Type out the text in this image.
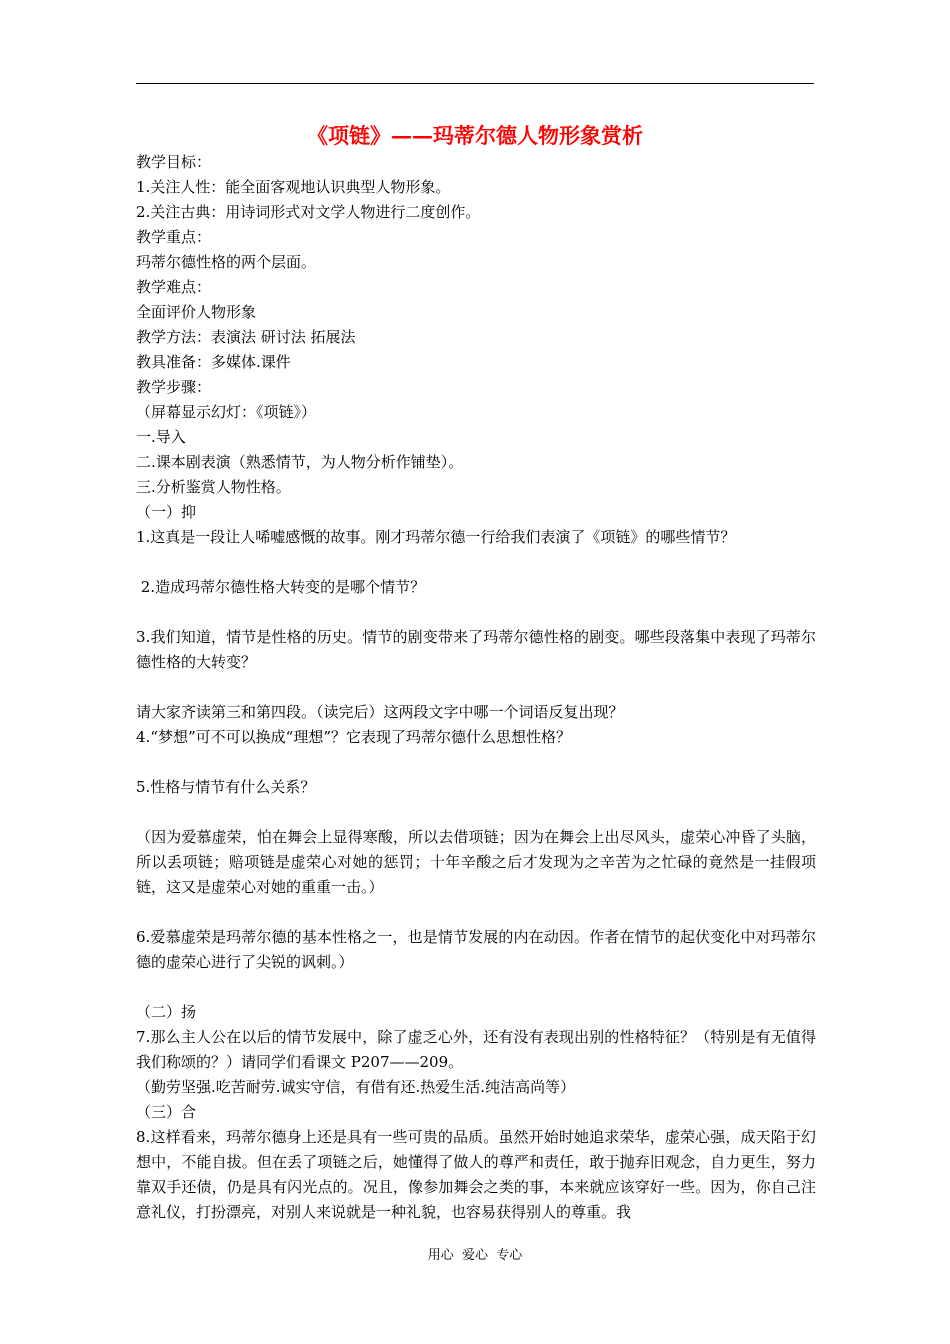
《项链》——玛蒂尔德人物形象赏析
教学目标：
1.关注人性：能全面客观地认识典型人物形象。
2.关注古典：用诗词形式对文学人物进行二度创作。
教学重点：
玛蒂尔德性格的两个层面。
教学难点：
全面评价人物形象
教学方法：表演法 研讨法 拓展法
教具准备：多媒体.课件
教学步骤：
（屏幕显示幻灯：《项链》）
一.导入
二.课本剧表演（熟悉情节，为人物分析作铺垫）。
三.分析鉴赏人物性格。
（一）抑
1.这真是一段让人唏嘘感慨的故事。刚才玛蒂尔德一行给我们表演了《项链》的哪些情节？
2.造成玛蒂尔德性格大转变的是哪个情节？
3.我们知道，情节是性格的历史。情节的剧变带来了玛蒂尔德性格的剧变。哪些段落集中表现了玛蒂尔德性格的大转变？
请大家齐读第三和第四段。（读完后）这两段文字中哪一个词语反复出现？
4.“梦想”可不可以换成“理想”？它表现了玛蒂尔德什么思想性格？
5.性格与情节有什么关系？
（因为爱慕虚荣，怕在舞会上显得寒酸，所以去借项链；因为在舞会上出尽风头，虚荣心冲昏了头脑，所以丢项链；赔项链是虚荣心对她的惩罚；十年辛酸之后才发现为之辛苦为之忙碌的竟然是一挂假项链，这又是虚荣心对她的重重一击。）
6.爱慕虚荣是玛蒂尔德的基本性格之一，也是情节发展的内在动因。作者在情节的起伏变化中对玛蒂尔德的虚荣心进行了尖锐的讽刺。）
（二）扬
7.那么主人公在以后的情节发展中，除了虚乏心外，还有没有表现出别的性格特征？（特别是有无值得我们称颂的？）请同学们看课文 P207——209。
（勤劳坚强.吃苦耐劳.诚实守信，有借有还.热爱生活.纯洁高尚等）
（三）合
8.这样看来，玛蒂尔德身上还是具有一些可贵的品质。虽然开始时她追求荣华，虚荣心强，成天陷于幻想中，不能自拔。但在丢了项链之后，她懂得了做人的尊严和责任，敢于抛弃旧观念，自力更生，努力靠双手还债，仍是具有闪光点的。况且，像参加舞会之类的事，本来就应该穿好一些。因为，你自己注意礼仪，打扮漂亮，对别人来说就是一种礼貌，也容易获得别人的尊重。我
用心  爱心  专心
